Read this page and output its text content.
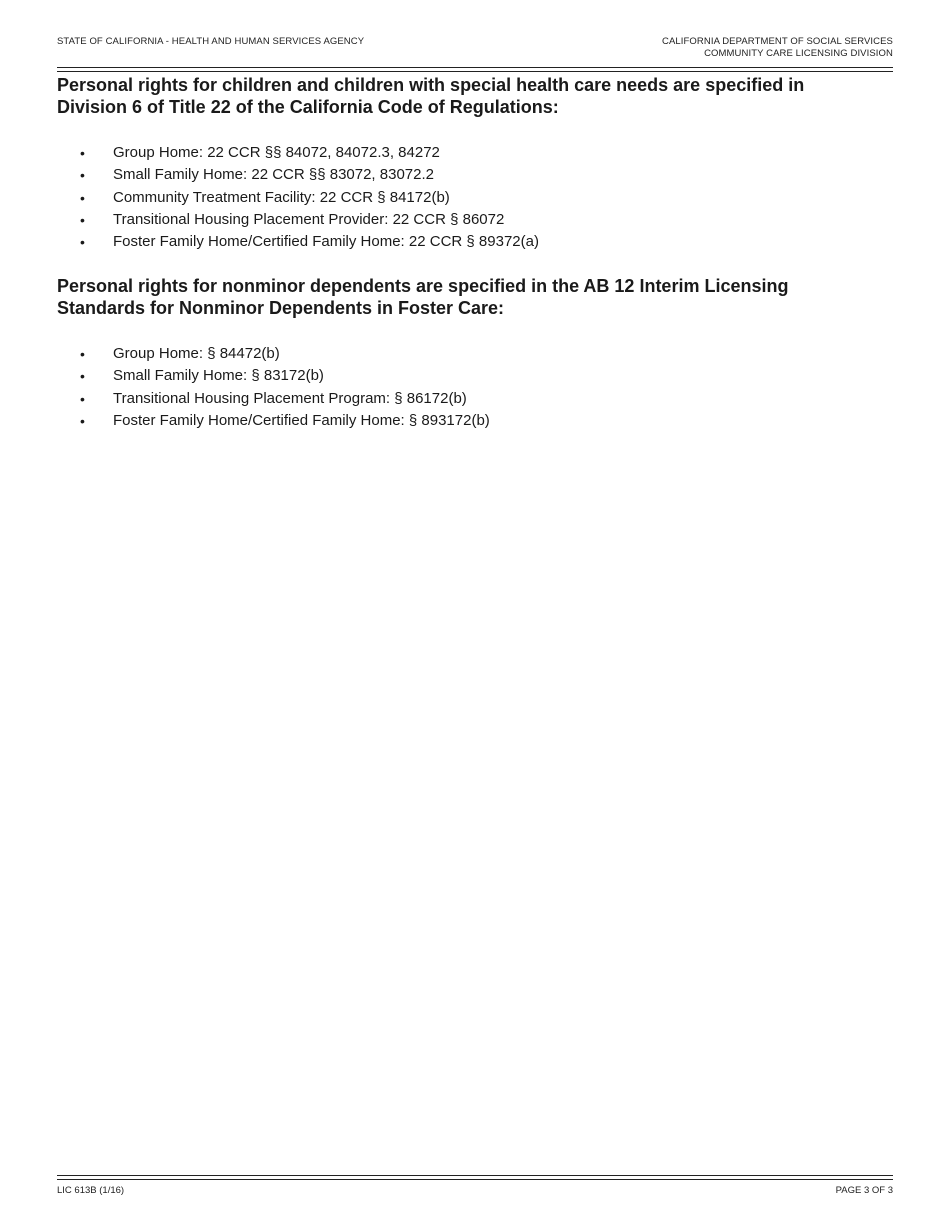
STATE OF CALIFORNIA - HEALTH AND HUMAN SERVICES AGENCY	CALIFORNIA DEPARTMENT OF SOCIAL SERVICES
COMMUNITY CARE LICENSING DIVISION
Personal rights for children and children with special health care needs are specified in
Division 6 of Title 22 of the California Code of Regulations:
• Group Home: 22 CCR §§ 84072, 84072.3, 84272
• Small Family Home: 22 CCR §§ 83072, 83072.2
• Community Treatment Facility: 22 CCR § 84172(b)
• Transitional Housing Placement Provider: 22 CCR § 86072
• Foster Family Home/Certified Family Home: 22 CCR § 89372(a)
Personal rights for nonminor dependents are specified in the AB 12 Interim Licensing
Standards for Nonminor Dependents in Foster Care:
• Group Home: § 84472(b)
• Small Family Home: § 83172(b)
• Transitional Housing Placement Program: § 86172(b)
• Foster Family Home/Certified Family Home: § 893172(b)
LIC 613B (1/16)	PAGE 3 OF 3
